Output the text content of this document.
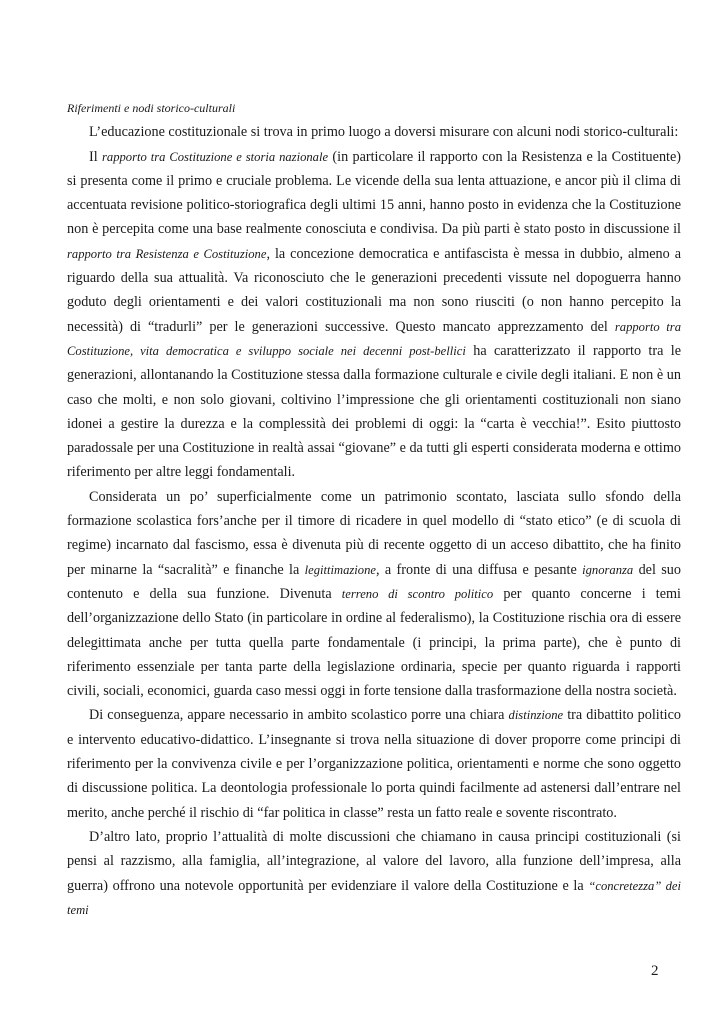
Riferimenti e nodi storico-culturali

L’educazione costituzionale si trova in primo luogo a doversi misurare con alcuni nodi storico-culturali:

Il rapporto tra Costituzione e storia nazionale (in particolare il rapporto con la Resistenza e la Costituente) si presenta come il primo e cruciale problema. Le vicende della sua lenta attuazione, e ancor più il clima di accentuata revisione politico-storiografica degli ultimi 15 anni, hanno posto in evidenza che la Costituzione non è percepita come una base realmente conosciuta e condivisa. Da più parti è stato posto in discussione il rapporto tra Resistenza e Costituzione, la concezione democratica e antifascista è messa in dubbio, almeno a riguardo della sua attualità. Va riconosciuto che le generazioni precedenti vissute nel dopoguerra hanno goduto degli orientamenti e dei valori costituzionali ma non sono riusciti (o non hanno percepito la necessità) di “tradurli” per le generazioni successive. Questo mancato apprezzamento del rapporto tra Costituzione, vita democratica e sviluppo sociale nei decenni post-bellici ha caratterizzato il rapporto tra le generazioni, allontanando la Costituzione stessa dalla formazione culturale e civile degli italiani. E non è un caso che molti, e non solo giovani, coltivino l’impressione che gli orientamenti costituzionali non siano idonei a gestire la durezza e la complessità dei problemi di oggi: la “carta è vecchia!”. Esito piuttosto paradossale per una Costituzione in realtà assai “giovane” e da tutti gli esperti considerata moderna e ottimo riferimento per altre leggi fondamentali.

Considerata un po’ superficialmente come un patrimonio scontato, lasciata sullo sfondo della formazione scolastica fors’anche per il timore di ricadere in quel modello di “stato etico” (e di scuola di regime) incarnato dal fascismo, essa è divenuta più di recente oggetto di un acceso dibattito, che ha finito per minarne la “sacralità” e finanche la legittimazione, a fronte di una diffusa e pesante ignoranza del suo contenuto e della sua funzione. Divenuta terreno di scontro politico per quanto concerne i temi dell’organizzazione dello Stato (in particolare in ordine al federalismo), la Costituzione rischia ora di essere delegittimata anche per tutta quella parte fondamentale (i principi, la prima parte), che è punto di riferimento essenziale per tanta parte della legislazione ordinaria, specie per quanto riguarda i rapporti civili, sociali, economici, guarda caso messi oggi in forte tensione dalla trasformazione della nostra società.

Di conseguenza, appare necessario in ambito scolastico porre una chiara distinzione tra dibattito politico e intervento educativo-didattico. L’insegnante si trova nella situazione di dover proporre come principi di riferimento per la convivenza civile e per l’organizzazione politica, orientamenti e norme che sono oggetto di discussione politica. La deontologia professionale lo porta quindi facilmente ad astenersi dall’entrare nel merito, anche perché il rischio di “far politica in classe” resta un fatto reale e sovente riscontrato.

D’altro lato, proprio l’attualità di molte discussioni che chiamano in causa principi costituzionali (si pensi al razzismo, alla famiglia, all’integrazione, al valore del lavoro, alla funzione dell’impresa, alla guerra) offrono una notevole opportunità per evidenziare il valore della Costituzione e la “concretezza” dei temi

2
